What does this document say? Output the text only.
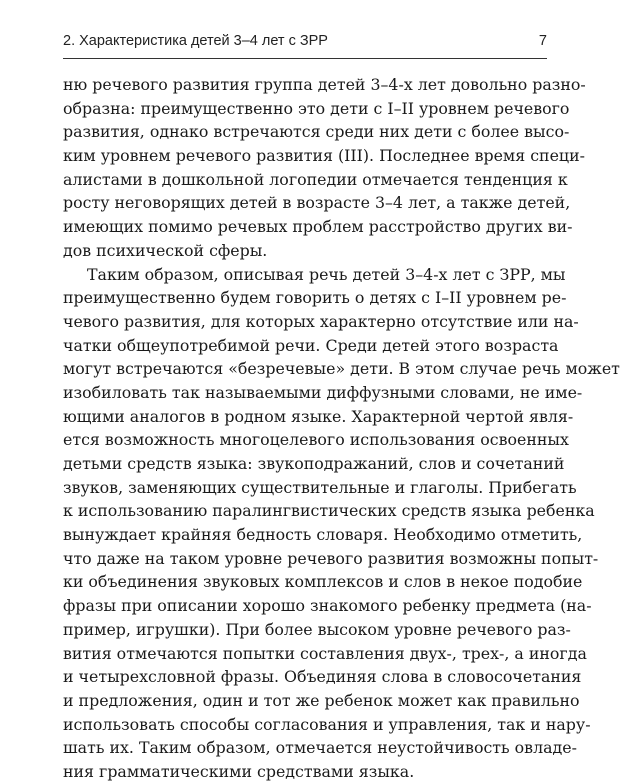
2. Характеристика детей 3–4 лет с ЗРР	7
ню речевого развития группа детей 3–4-х лет довольно разно-
образна: преимущественно это дети с I–II уровнем речевого
развития, однако встречаются среди них дети с более высо-
ким уровнем речевого развития (III). Последнее время специ-
алистами в дошкольной логопедии отмечается тенденция к
росту неговорящих детей в возрасте 3–4 лет, а также детей,
имеющих помимо речевых проблем расстройство других ви-
дов психической сферы.
Таким образом, описывая речь детей 3–4-х лет с ЗРР, мы
преимущественно будем говорить о детях с I–II уровнем ре-
чевого развития, для которых характерно отсутствие или на-
чатки общеупотребимой речи. Среди детей этого возраста
могут встречаются «безречевые» дети. В этом случае речь может
изобиловать так называемыми диффузными словами, не име-
ющими аналогов в родном языке. Характерной чертой явля-
ется возможность многоцелевого использования освоенных
детьми средств языка: звукоподражаний, слов и сочетаний
звуков, заменяющих существительные и глаголы. Прибегать
к использованию паралингвистических средств языка ребенка
вынуждает крайняя бедность словаря. Необходимо отметить,
что даже на таком уровне речевого развития возможны попыт-
ки объединения звуковых комплексов и слов в некое подобие
фразы при описании хорошо знакомого ребенку предмета (на-
пример, игрушки). При более высоком уровне речевого раз-
вития отмечаются попытки составления двух-, трех-, а иногда
и четырехсловной фразы. Объединяя слова в словосочетания
и предложения, один и тот же ребенок может как правильно
использовать способы согласования и управления, так и нару-
шать их. Таким образом, отмечается неустойчивость овладе-
ния грамматическими средствами языка.
